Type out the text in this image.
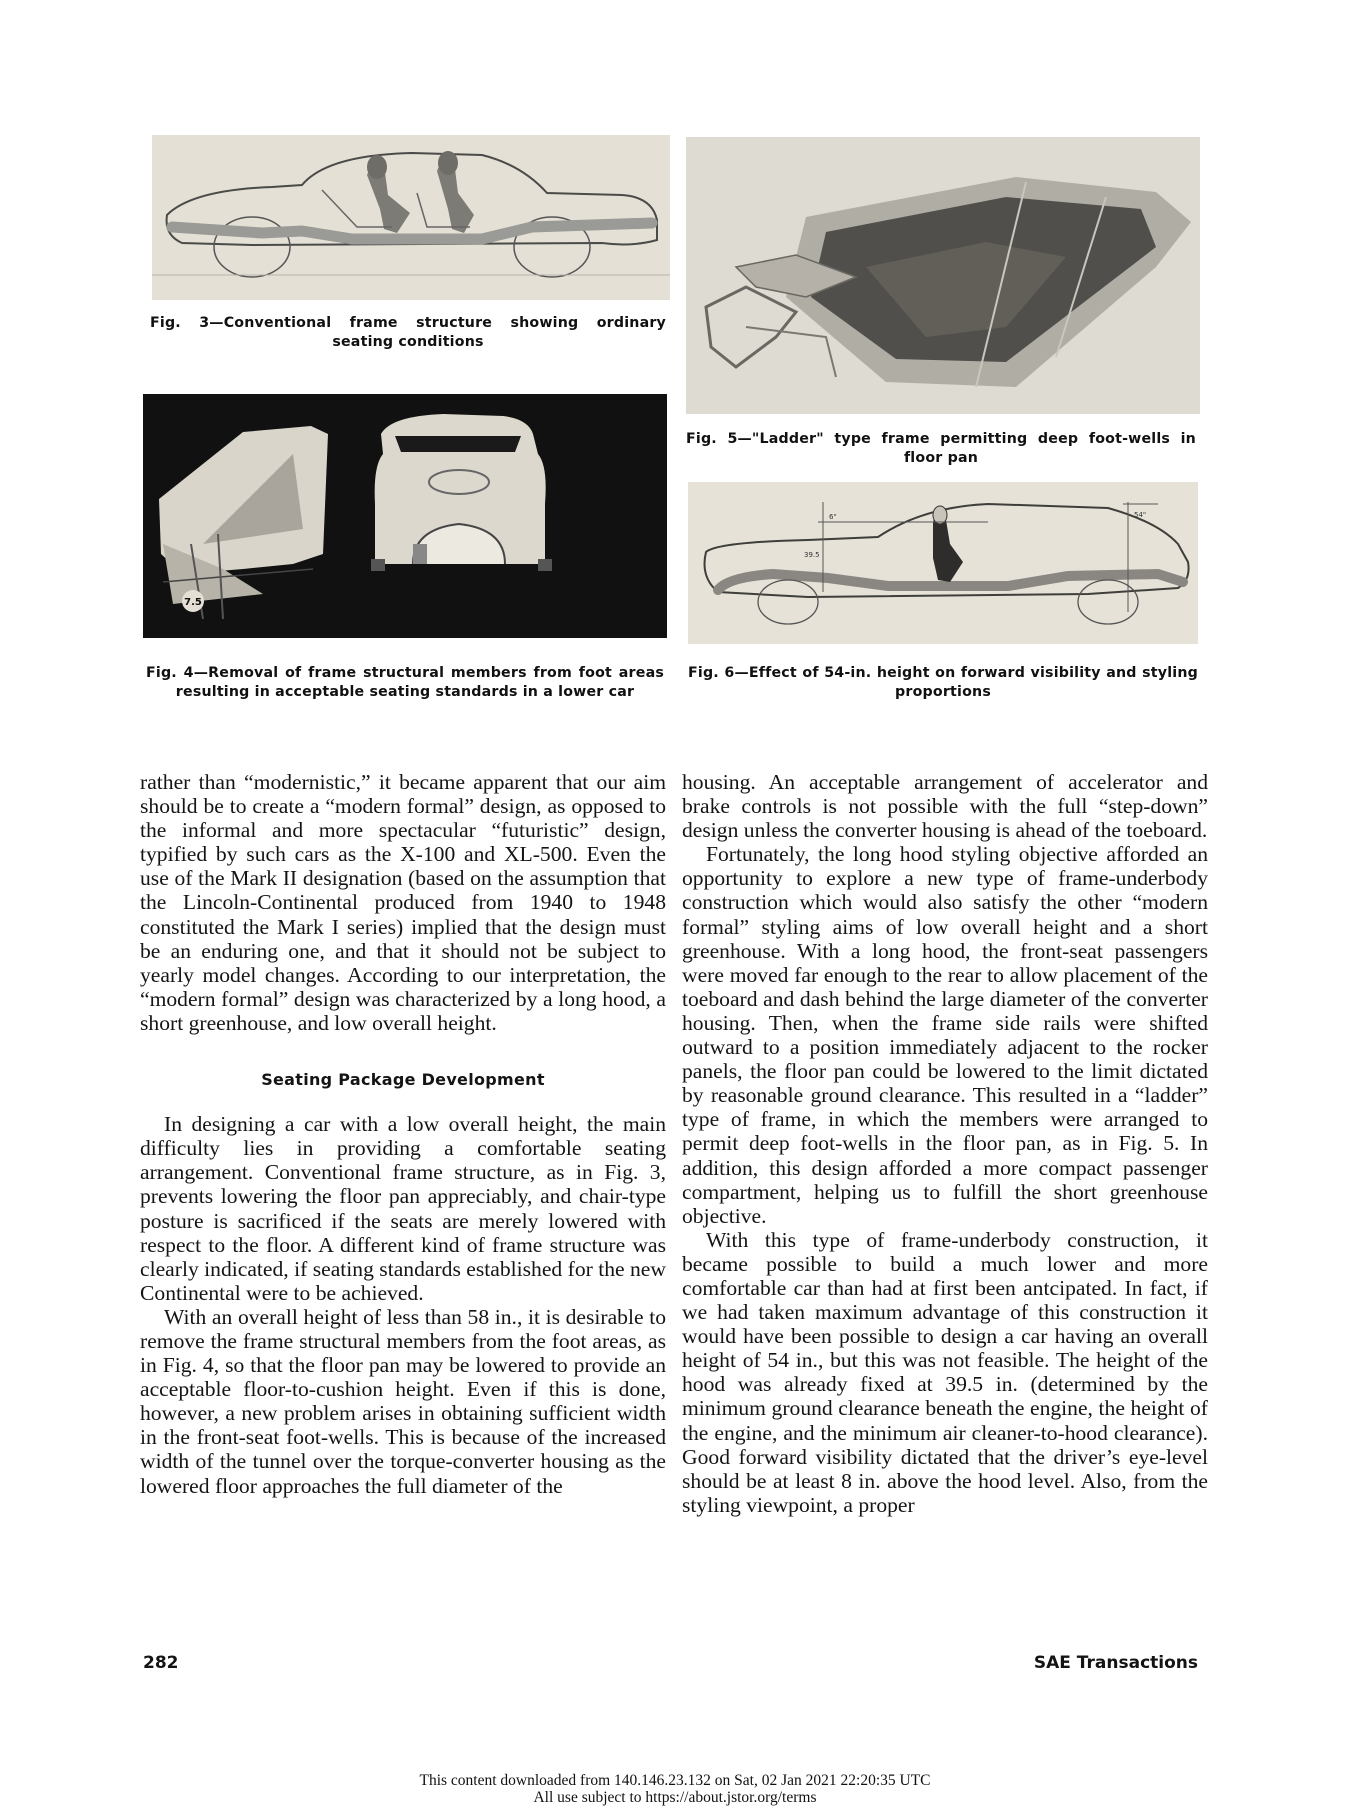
Fig. 3—Conventional frame structure showing ordinary seating conditions
Fig. 5—"Ladder" type frame permitting deep foot-wells in floor pan
7.5
Fig. 4—Removal of frame structural members from foot areas resulting in acceptable seating standards in a lower car
6"	54"
39.5
Fig. 6—Effect of 54-in. height on forward visibility and styling proportions

rather than “modernistic,” it became apparent that our aim should be to create a “modern formal” design, as opposed to the informal and more spectacular “futuristic” design, typified by such cars as the X-100 and XL-500. Even the use of the Mark II designation (based on the assumption that the Lincoln-Continental produced from 1940 to 1948 constituted the Mark I series) implied that the design must be an enduring one, and that it should not be subject to yearly model changes. According to our interpretation, the “modern formal” design was characterized by a long hood, a short greenhouse, and low overall height.

Seating Package Development

In designing a car with a low overall height, the main difficulty lies in providing a comfortable seating arrangement. Conventional frame structure, as in Fig. 3, prevents lowering the floor pan appreciably, and chair-type posture is sacrificed if the seats are merely lowered with respect to the floor. A different kind of frame structure was clearly indicated, if seating standards established for the new Continental were to be achieved.

With an overall height of less than 58 in., it is desirable to remove the frame structural members from the foot areas, as in Fig. 4, so that the floor pan may be lowered to provide an acceptable floor-to-cushion height. Even if this is done, however, a new problem arises in obtaining sufficient width in the front-seat foot-wells. This is because of the increased width of the tunnel over the torque-converter housing as the lowered floor approaches the full diameter of the

housing. An acceptable arrangement of accelerator and brake controls is not possible with the full “step-down” design unless the converter housing is ahead of the toeboard.

Fortunately, the long hood styling objective afforded an opportunity to explore a new type of frame-underbody construction which would also satisfy the other “modern formal” styling aims of low overall height and a short greenhouse. With a long hood, the front-seat passengers were moved far enough to the rear to allow placement of the toeboard and dash behind the large diameter of the converter housing. Then, when the frame side rails were shifted outward to a position immediately adjacent to the rocker panels, the floor pan could be lowered to the limit dictated by reasonable ground clearance. This resulted in a “ladder” type of frame, in which the members were arranged to permit deep foot-wells in the floor pan, as in Fig. 5. In addition, this design afforded a more compact passenger compartment, helping us to fulfill the short greenhouse objective.

With this type of frame-underbody construction, it became possible to build a much lower and more comfortable car than had at first been antcipated. In fact, if we had taken maximum advantage of this construction it would have been possible to design a car having an overall height of 54 in., but this was not feasible. The height of the hood was already fixed at 39.5 in. (determined by the minimum ground clearance beneath the engine, the height of the engine, and the minimum air cleaner-to-hood clearance). Good forward visibility dictated that the driver’s eye-level should be at least 8 in. above the hood level. Also, from the styling viewpoint, a proper

282	SAE Transactions
This content downloaded from 140.146.23.132 on Sat, 02 Jan 2021 22:20:35 UTC
All use subject to https://about.jstor.org/terms
